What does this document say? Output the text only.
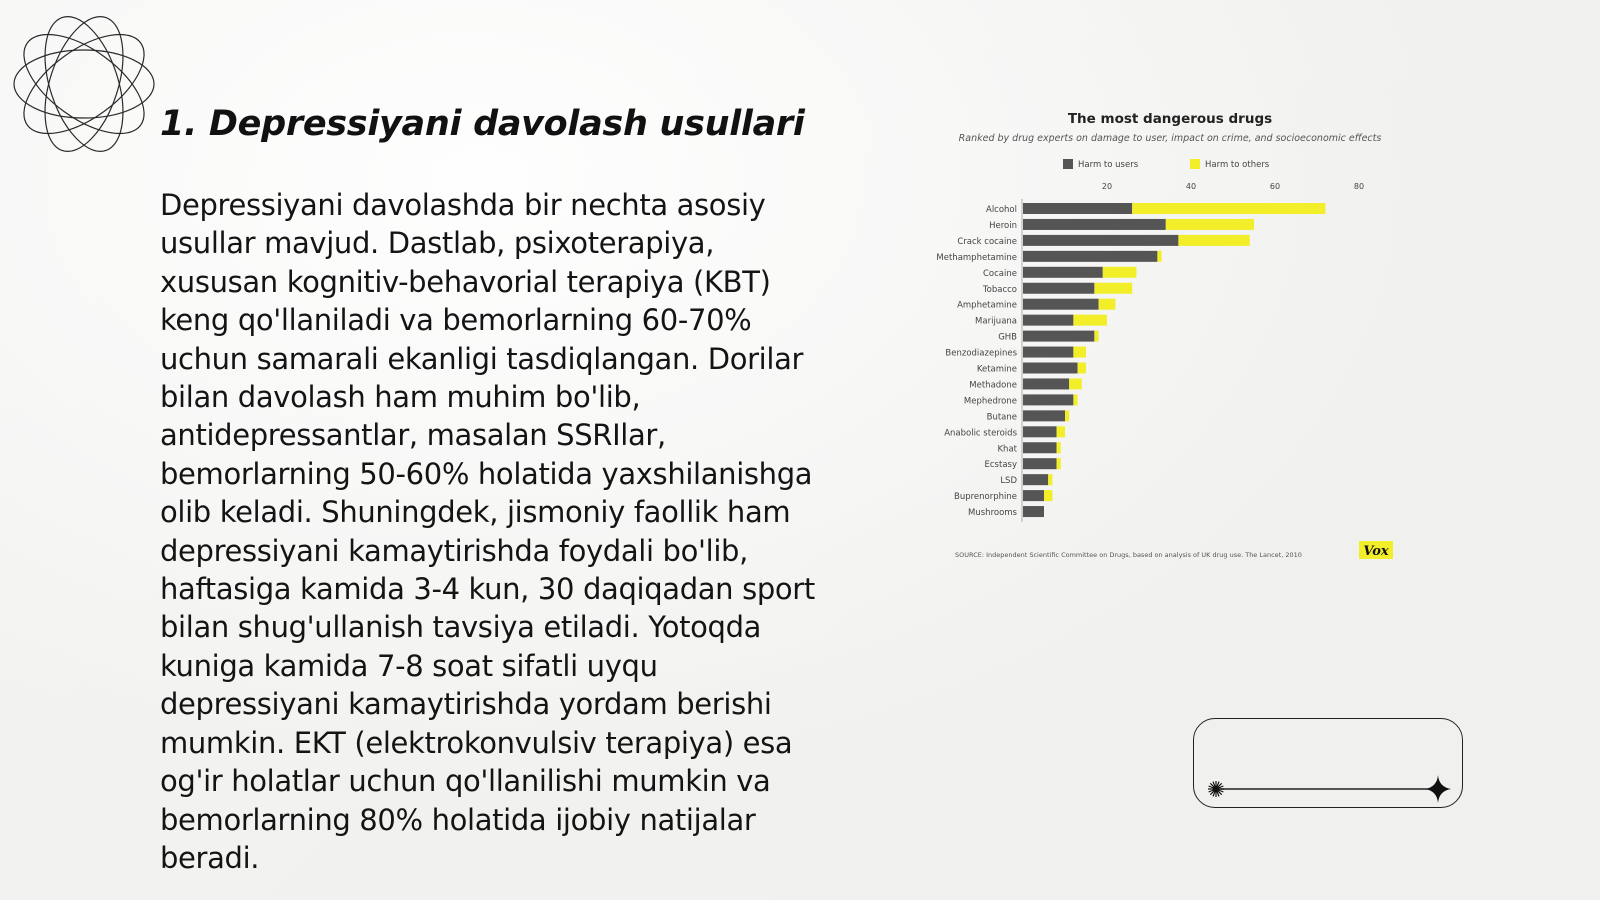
1. Depressiyani davolash usullari

Depressiyani davolashda bir nechta asosiy usullar mavjud. Dastlab, psixoterapiya, xususan kognitiv-behavorial terapiya (KBT) keng qo'llaniladi va bemorlarning 60-70% uchun samarali ekanligi tasdiqlangan. Dorilar bilan davolash ham muhim bo'lib, antidepressantlar, masalan SSRIlar, bemorlarning 50-60% holatida yaxshilanishga olib keladi. Shuningdek, jismoniy faollik ham depressiyani kamaytirishda foydali bo'lib, haftasiga kamida 3-4 kun, 30 daqiqadan sport bilan shug'ullanish tavsiya etiladi. Yotoqda kuniga kamida 7-8 soat sifatli uyqu depressiyani kamaytirishda yordam berishi mumkin. EKT (elektrokonvulsiv terapiya) esa og'ir holatlar uchun qo'llanilishi mumkin va bemorlarning 80% holatida ijobiy natijalar beradi.

The most dangerous drugs
Ranked by drug experts on damage to user, impact on crime, and socioeconomic effects
Harm to users	Harm to others
20	40	60	80
Alcohol
Heroin
Crack cocaine
Methamphetamine
Cocaine
Tobacco
Amphetamine
Marijuana
GHB
Benzodiazepines
Ketamine
Methadone
Mephedrone
Butane
Anabolic steroids
Khat
Ecstasy
LSD
Buprenorphine
Mushrooms
SOURCE: Independent Scientific Committee on Drugs, based on analysis of UK drug use. The Lancet, 2010	Vox
